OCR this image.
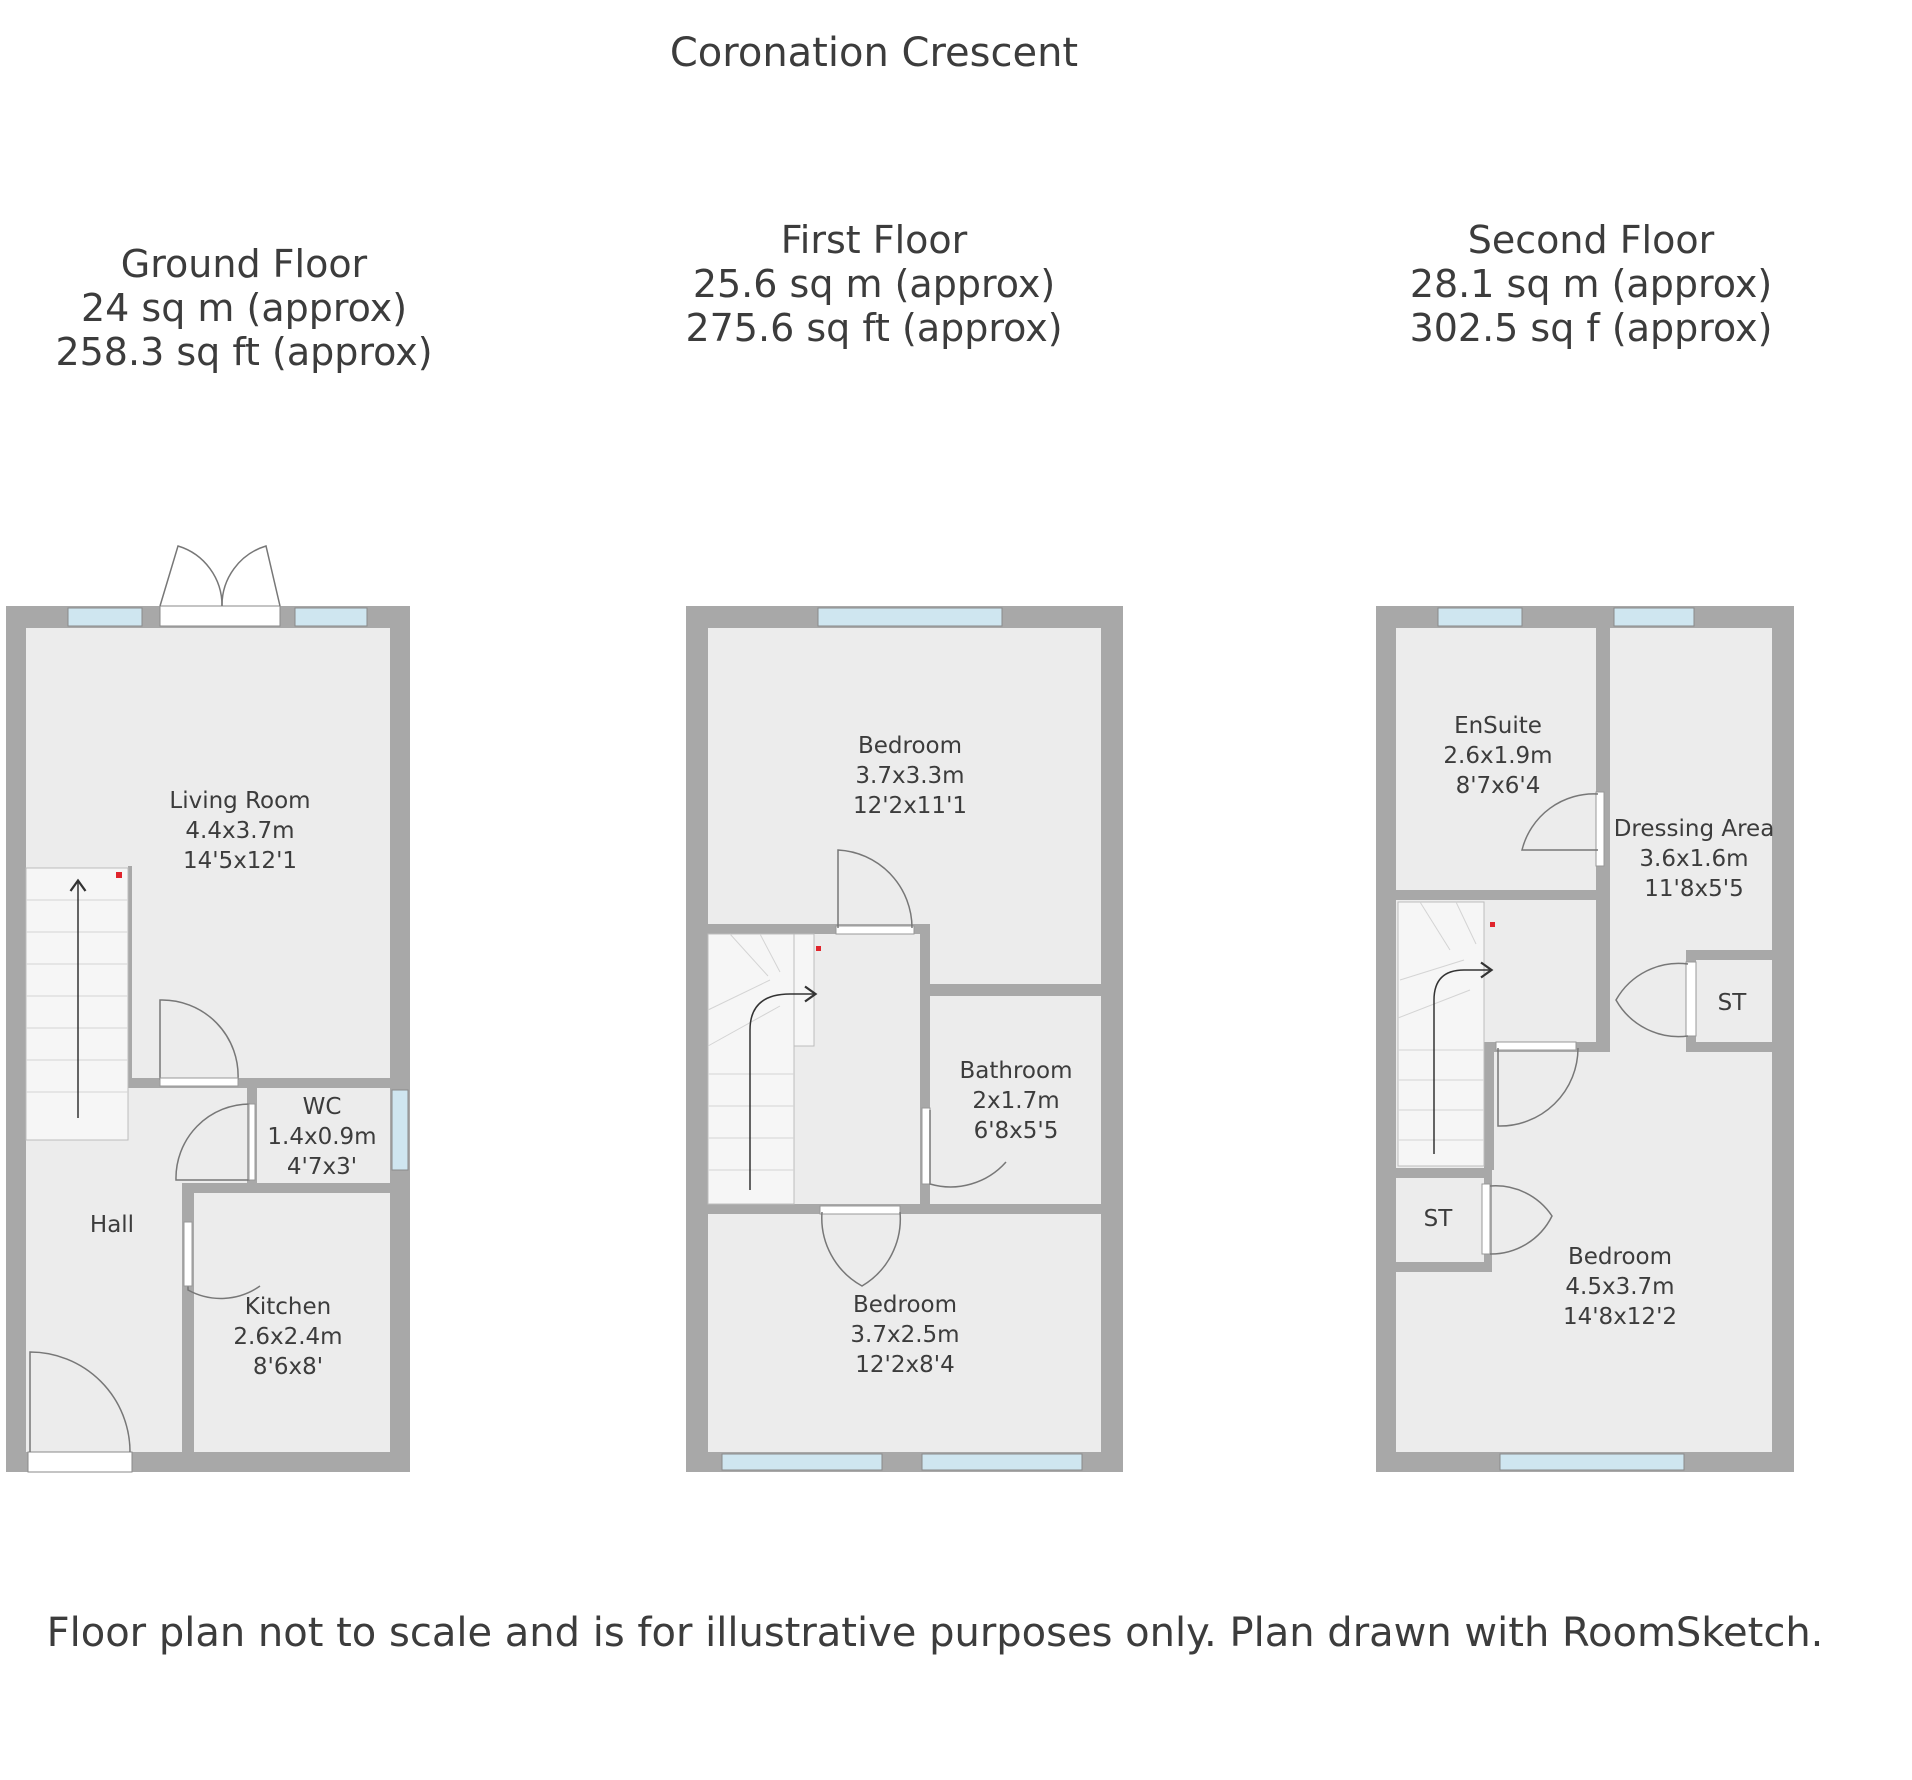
Coronation Crescent
Ground Floor
24 sq m (approx)
258.3 sq ft (approx)
First Floor
25.6 sq m (approx)
275.6 sq ft (approx)
Second Floor
28.1 sq m (approx)
302.5 sq f (approx)
Living Room
4.4x3.7m
14'5x12'1
WC
1.4x0.9m
4'7x3'
Hall
Kitchen
2.6x2.4m
8'6x8'
Bedroom
3.7x3.3m
12'2x11'1
Bathroom
2x1.7m
6'8x5'5
Bedroom
3.7x2.5m
12'2x8'4
EnSuite
2.6x1.9m
8'7x6'4
Dressing Area
3.6x1.6m
11'8x5'5
ST
ST
Bedroom
4.5x3.7m
14'8x12'2
Floor plan not to scale and is for illustrative purposes only. Plan drawn with RoomSketch.
